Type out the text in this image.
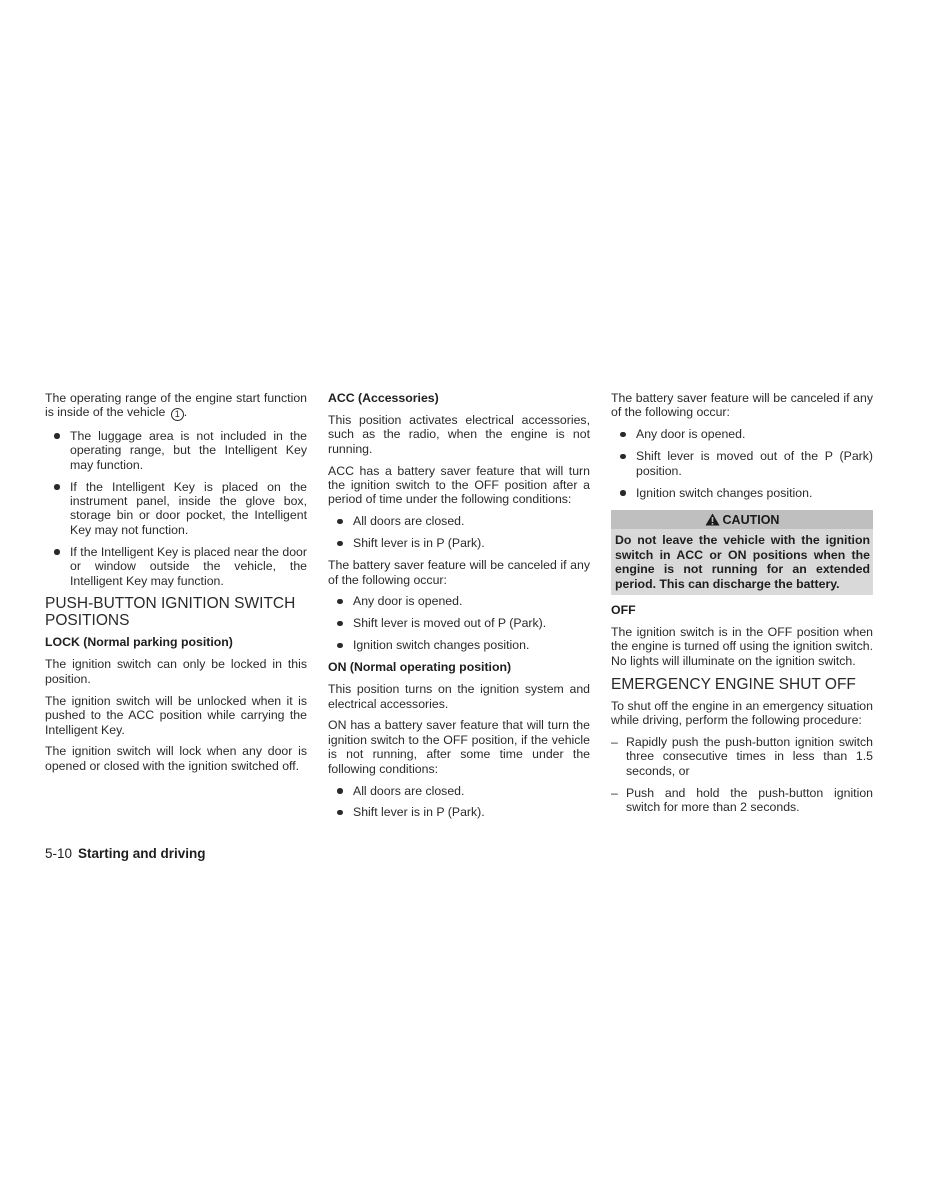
The operating range of the engine start function is inside of the vehicle 1 .

The luggage area is not included in the operating range, but the Intelligent Key may function.
If the Intelligent Key is placed on the instrument panel, inside the glove box, storage bin or door pocket, the Intelligent Key may not function.
If the Intelligent Key is placed near the door or window outside the vehicle, the Intelligent Key may function.
PUSH-BUTTON IGNITION SWITCH POSITIONS
LOCK (Normal parking position)

The ignition switch can only be locked in this position.

The ignition switch will be unlocked when it is pushed to the ACC position while carrying the Intelligent Key.

The ignition switch will lock when any door is opened or closed with the ignition switched off.

ACC (Accessories)

This position activates electrical accessories, such as the radio, when the engine is not running.

ACC has a battery saver feature that will turn the ignition switch to the OFF position after a period of time under the following conditions:

All doors are closed.
Shift lever is in P (Park).

The battery saver feature will be canceled if any of the following occur:

Any door is opened.
Shift lever is moved out of P (Park).
Ignition switch changes position.
ON (Normal operating position)

This position turns on the ignition system and electrical accessories.

ON has a battery saver feature that will turn the ignition switch to the OFF position, if the vehicle is not running, after some time under the following conditions:

All doors are closed.
Shift lever is in P (Park).

The battery saver feature will be canceled if any of the following occur:

Any door is opened.
Shift lever is moved out of the P (Park) position.
Ignition switch changes position.
CAUTION
Do not leave the vehicle with the ignition switch in ACC or ON positions when the engine is not running for an extended period. This can discharge the battery.
OFF

The ignition switch is in the OFF position when the engine is turned off using the ignition switch. No lights will illuminate on the ignition switch.

EMERGENCY ENGINE SHUT OFF

To shut off the engine in an emergency situation while driving, perform the following procedure:

– Rapidly push the push-button ignition switch three consecutive times in less than 1.5 seconds, or
– Push and hold the push-button ignition switch for more than 2 seconds.
5-10 Starting and driving
